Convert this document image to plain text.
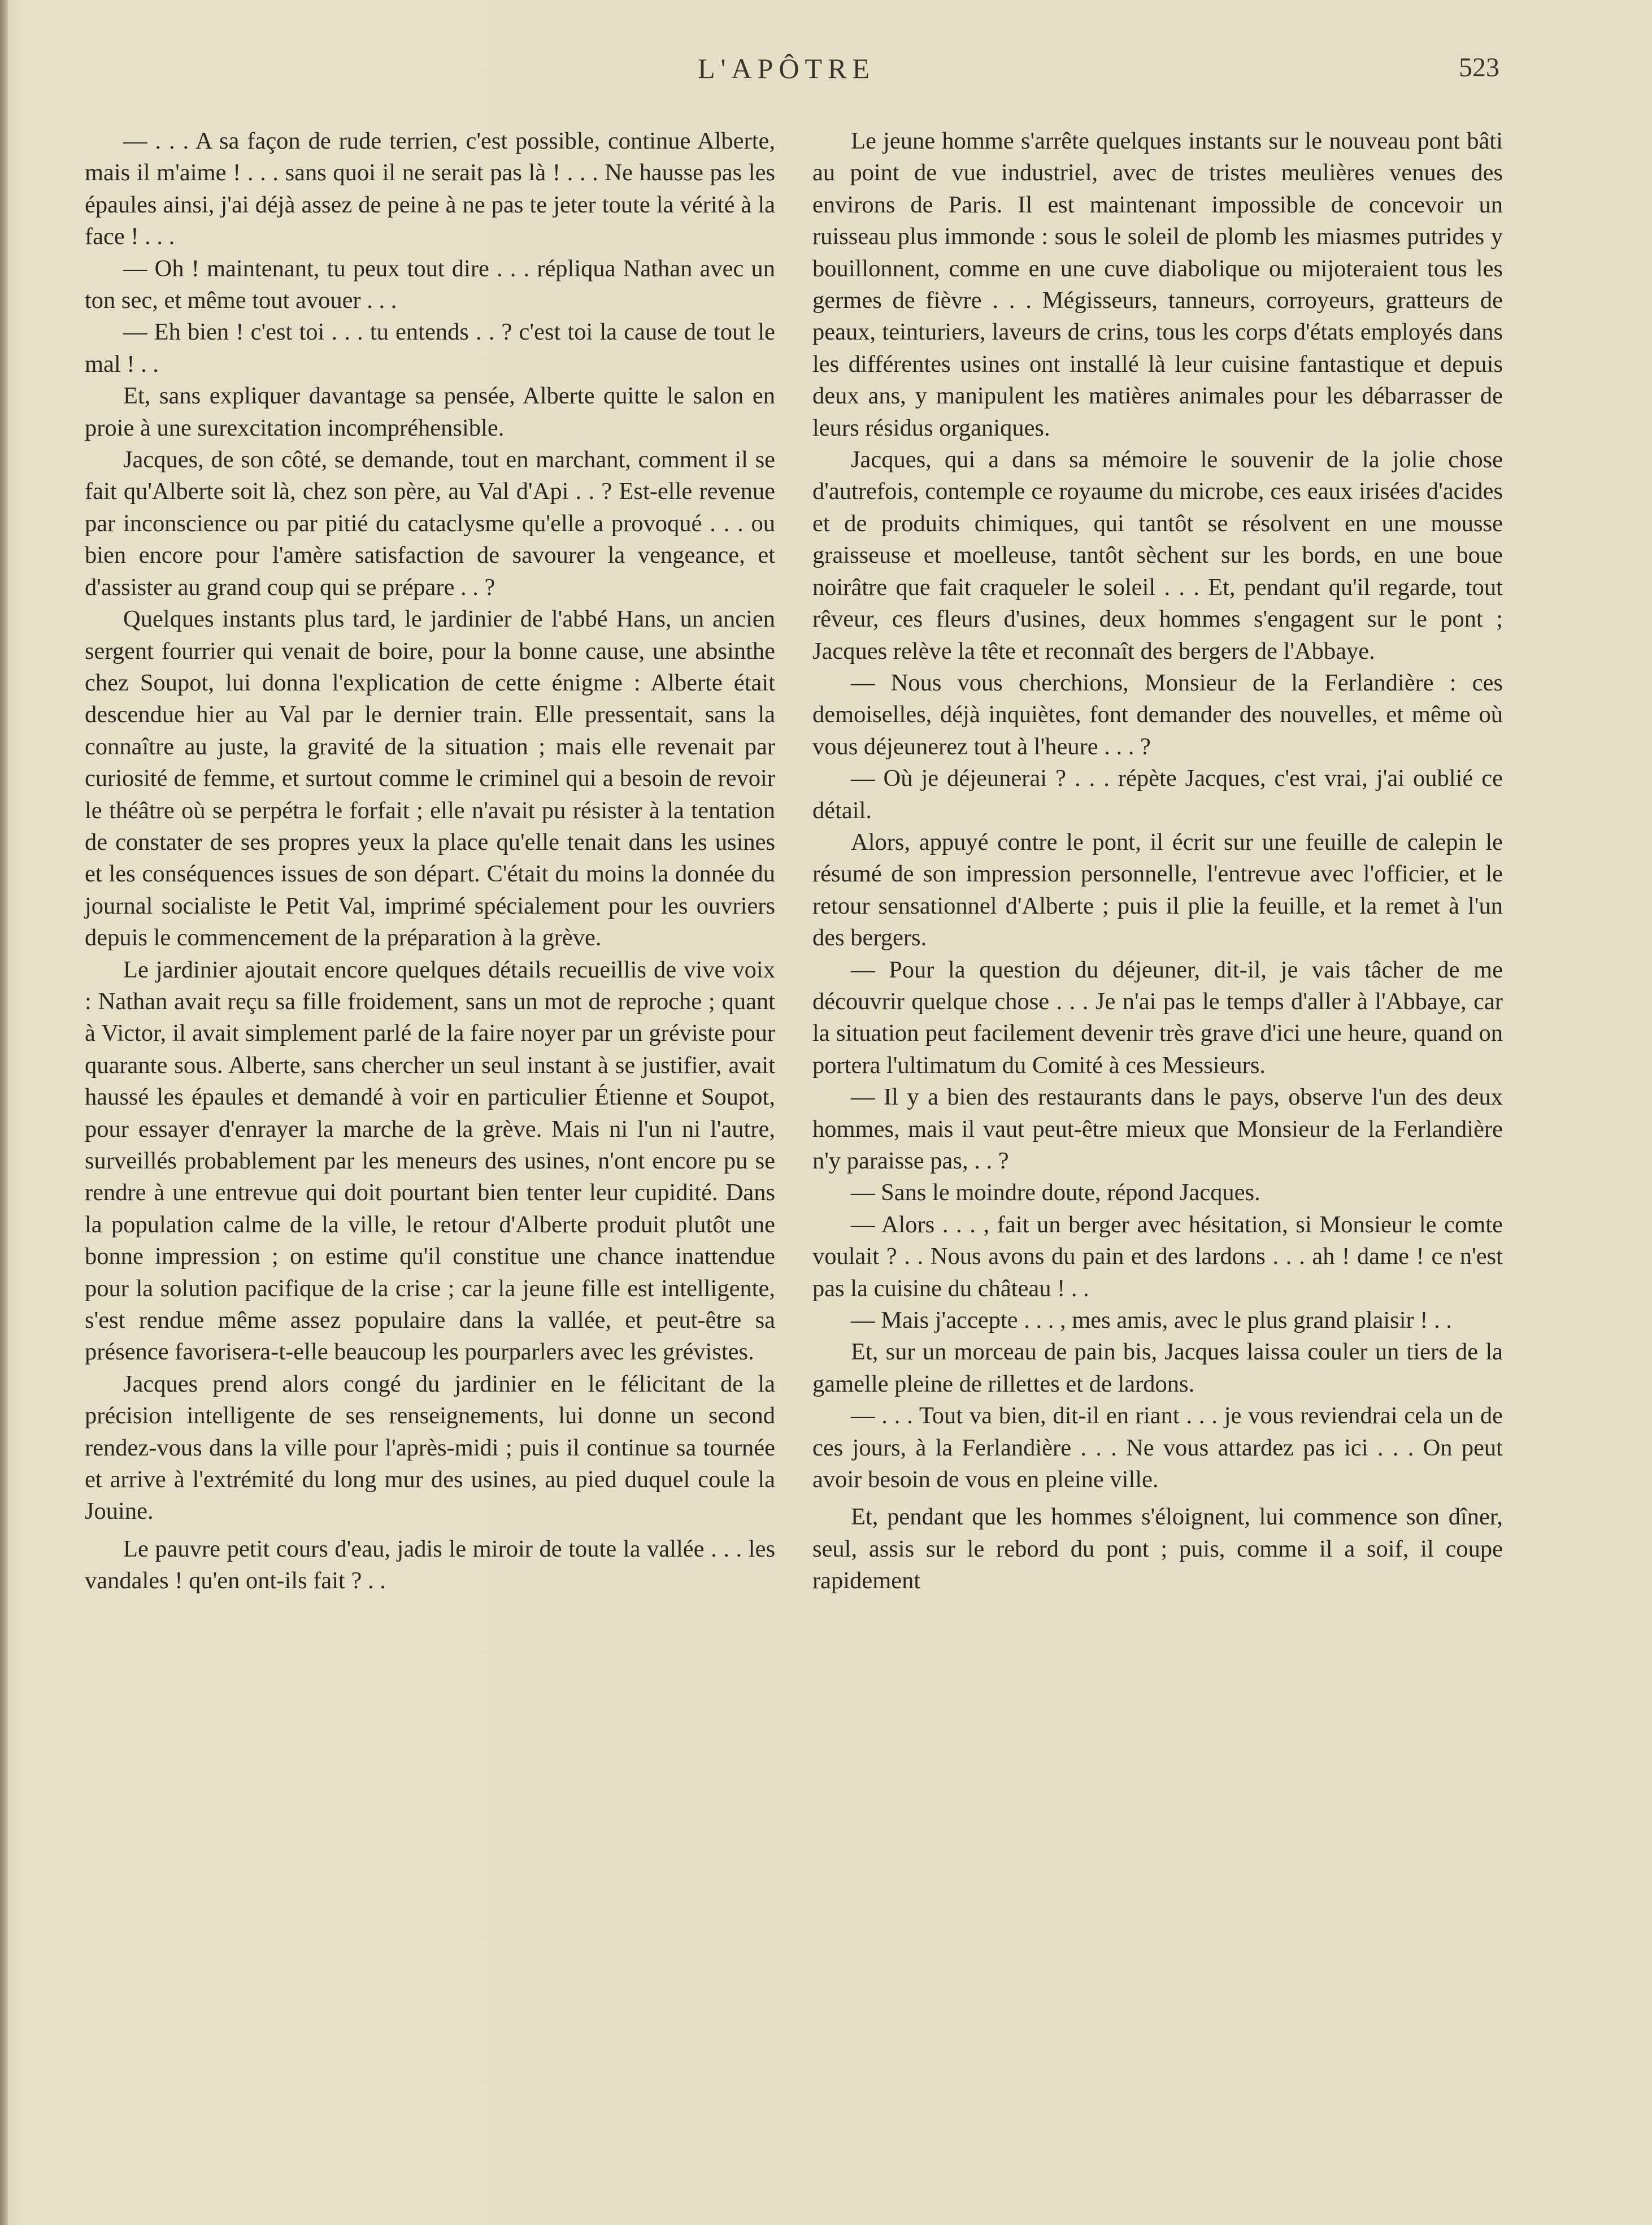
L'APÔTRE	523

— . . . A sa façon de rude terrien, c'est possible, continue Alberte, mais il m'aime ! . . . sans quoi il ne serait pas là ! . . . Ne hausse pas les épaules ainsi, j'ai déjà assez de peine à ne pas te jeter toute la vérité à la face ! . . .

— Oh ! maintenant, tu peux tout dire . . . répliqua Nathan avec un ton sec, et même tout avouer . . .

— Eh bien ! c'est toi . . . tu entends . . ? c'est toi la cause de tout le mal ! . .

Et, sans expliquer davantage sa pensée, Alberte quitte le salon en proie à une surexcitation incompréhensible.

Jacques, de son côté, se demande, tout en marchant, comment il se fait qu'Alberte soit là, chez son père, au Val d'Api . . ? Est-elle revenue par inconscience ou par pitié du cataclysme qu'elle a provoqué . . . ou bien encore pour l'amère satisfaction de savourer la vengeance, et d'assister au grand coup qui se prépare . . ?

Quelques instants plus tard, le jardinier de l'abbé Hans, un ancien sergent fourrier qui venait de boire, pour la bonne cause, une absinthe chez Soupot, lui donna l'explication de cette énigme : Alberte était descendue hier au Val par le dernier train. Elle pressentait, sans la connaître au juste, la gravité de la situation ; mais elle revenait par curiosité de femme, et surtout comme le criminel qui a besoin de revoir le théâtre où se perpétra le forfait ; elle n'avait pu résister à la tentation de constater de ses propres yeux la place qu'elle tenait dans les usines et les conséquences issues de son départ. C'était du moins la donnée du journal socialiste le Petit Val, imprimé spécialement pour les ouvriers depuis le commencement de la préparation à la grève.

Le jardinier ajoutait encore quelques détails recueillis de vive voix : Nathan avait reçu sa fille froidement, sans un mot de reproche ; quant à Victor, il avait simplement parlé de la faire noyer par un gréviste pour quarante sous. Alberte, sans chercher un seul instant à se justifier, avait haussé les épaules et demandé à voir en particulier Étienne et Soupot, pour essayer d'enrayer la marche de la grève. Mais ni l'un ni l'autre, surveillés probablement par les meneurs des usines, n'ont encore pu se rendre à une entrevue qui doit pourtant bien tenter leur cupidité. Dans la population calme de la ville, le retour d'Alberte produit plutôt une bonne impression ; on estime qu'il constitue une chance inattendue pour la solution pacifique de la crise ; car la jeune fille est intelligente, s'est rendue même assez populaire dans la vallée, et peut-être sa présence favorisera-t-elle beaucoup les pourparlers avec les grévistes.

Jacques prend alors congé du jardinier en le félicitant de la précision intelligente de ses renseignements, lui donne un second rendez-vous dans la ville pour l'après-midi ; puis il continue sa tournée et arrive à l'extrémité du long mur des usines, au pied duquel coule la Jouine.

Le pauvre petit cours d'eau, jadis le miroir de toute la vallée . . . les vandales ! qu'en ont-ils fait ? . .

Le jeune homme s'arrête quelques instants sur le nouveau pont bâti au point de vue industriel, avec de tristes meulières venues des environs de Paris. Il est maintenant impossible de concevoir un ruisseau plus immonde : sous le soleil de plomb les miasmes putrides y bouillonnent, comme en une cuve diabolique ou mijoteraient tous les germes de fièvre . . . Mégisseurs, tanneurs, corroyeurs, gratteurs de peaux, teinturiers, laveurs de crins, tous les corps d'états employés dans les différentes usines ont installé là leur cuisine fantastique et depuis deux ans, y manipulent les matières animales pour les débarrasser de leurs résidus organiques.

Jacques, qui a dans sa mémoire le souvenir de la jolie chose d'autrefois, contemple ce royaume du microbe, ces eaux irisées d'acides et de produits chimiques, qui tantôt se résolvent en une mousse graisseuse et moelleuse, tantôt sèchent sur les bords, en une boue noirâtre que fait craqueler le soleil . . . Et, pendant qu'il regarde, tout rêveur, ces fleurs d'usines, deux hommes s'engagent sur le pont ; Jacques relève la tête et reconnaît des bergers de l'Abbaye.

— Nous vous cherchions, Monsieur de la Ferlandière : ces demoiselles, déjà inquiètes, font demander des nouvelles, et même où vous déjeunerez tout à l'heure . . . ?

— Où je déjeunerai ? . . . répète Jacques, c'est vrai, j'ai oublié ce détail.

Alors, appuyé contre le pont, il écrit sur une feuille de calepin le résumé de son impression personnelle, l'entrevue avec l'officier, et le retour sensationnel d'Alberte ; puis il plie la feuille, et la remet à l'un des bergers.

— Pour la question du déjeuner, dit-il, je vais tâcher de me découvrir quelque chose . . . Je n'ai pas le temps d'aller à l'Abbaye, car la situation peut facilement devenir très grave d'ici une heure, quand on portera l'ultimatum du Comité à ces Messieurs.

— Il y a bien des restaurants dans le pays, observe l'un des deux hommes, mais il vaut peut-être mieux que Monsieur de la Ferlandière n'y paraisse pas, . . ?

— Sans le moindre doute, répond Jacques.

— Alors . . . , fait un berger avec hésitation, si Monsieur le comte voulait ? . . Nous avons du pain et des lardons . . . ah ! dame ! ce n'est pas la cuisine du château ! . .

— Mais j'accepte . . . , mes amis, avec le plus grand plaisir ! . .

Et, sur un morceau de pain bis, Jacques laissa couler un tiers de la gamelle pleine de rillettes et de lardons.

— . . . Tout va bien, dit-il en riant . . . je vous reviendrai cela un de ces jours, à la Ferlandière . . . Ne vous attardez pas ici . . . On peut avoir besoin de vous en pleine ville.

Et, pendant que les hommes s'éloignent, lui commence son dîner, seul, assis sur le rebord du pont ; puis, comme il a soif, il coupe rapidement
